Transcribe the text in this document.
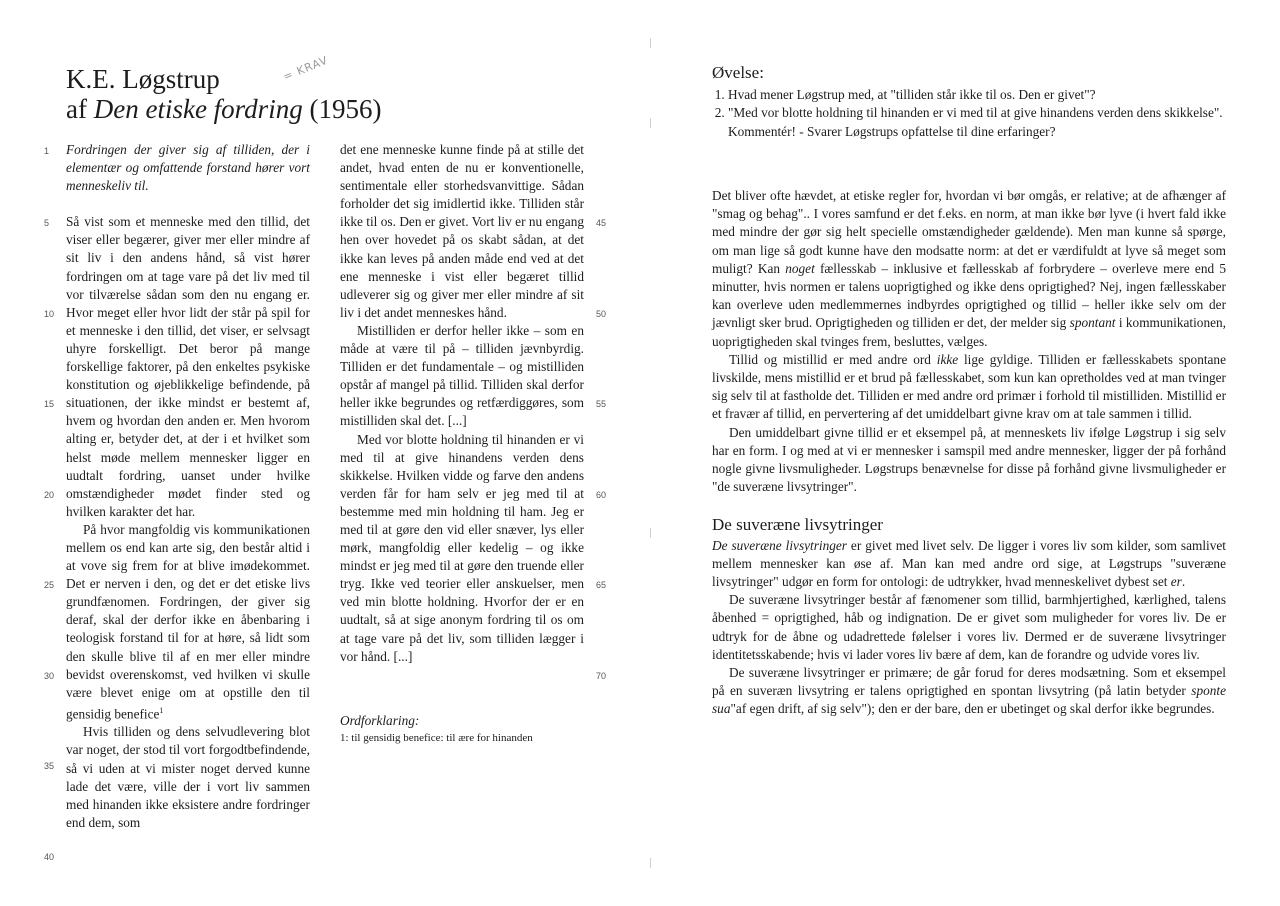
K.E. Løgstrup
af Den etiske fordring (1956)
= KRAV

Fordringen der giver sig af tilliden, der i elementær og omfattende forstand hører vort menneskeliv til.

Så vist som et menneske med den tillid, det viser eller begærer, giver mer eller mindre af sit liv i den andens hånd, så vist hører fordringen om at tage vare på det liv med til vor tilværelse sådan som den nu engang er. Hvor meget eller hvor lidt der står på spil for et menneske i den tillid, det viser, er selvsagt uhyre forskelligt. Det beror på mange forskellige faktorer, på den enkeltes psykiske konstitution og øjeblikkelige befindende, på situationen, der ikke mindst er bestemt af, hvem og hvordan den anden er. Men hvorom alting er, betyder det, at der i et hvilket som helst møde mellem mennesker ligger en uudtalt fordring, uanset under hvilke omstændigheder mødet finder sted og hvilken karakter det har.

På hvor mangfoldig vis kommunikationen mellem os end kan arte sig, den består altid i at vove sig frem for at blive imødekommet. Det er nerven i den, og det er det etiske livs grundfænomen. Fordringen, der giver sig deraf, skal der derfor ikke en åbenbaring i teologisk forstand til for at høre, så lidt som den skulle blive til af en mer eller mindre bevidst overenskomst, ved hvilken vi skulle være blevet enige om at opstille den til gensidig benefice$^1$

Hvis tilliden og dens selvudlevering blot var noget, der stod til vort forgodtbefindende, så vi uden at vi mister noget derved kunne lade det være, ville der i vort liv sammen med hinanden ikke eksistere andre fordringer end dem, som

det ene menneske kunne finde på at stille det andet, hvad enten de nu er konventionelle, sentimentale eller storhedsvanvittige. Sådan forholder det sig imidlertid ikke. Tilliden står ikke til os. Den er givet. Vort liv er nu engang hen over hovedet på os skabt sådan, at det ikke kan leves på anden måde end ved at det ene menneske i vist eller begæret tillid udleverer sig og giver mer eller mindre af sit liv i det andet menneskes hånd.

Mistilliden er derfor heller ikke – som en måde at være til på – tilliden jævnbyrdig. Tilliden er det fundamentale – og mistilliden opstår af mangel på tillid. Tilliden skal derfor heller ikke begrundes og retfærdiggøres, som mistilliden skal det. [...]

Med vor blotte holdning til hinanden er vi med til at give hinandens verden dens skikkelse. Hvilken vidde og farve den andens verden får for ham selv er jeg med til at bestemme med min holdning til ham. Jeg er med til at gøre den vid eller snæver, lys eller mørk, mangfoldig eller kedelig – og ikke mindst er jeg med til at gøre den truende eller tryg. Ikke ved teorier eller anskuelser, men ved min blotte holdning. Hvorfor der er en uudtalt, så at sige anonym fordring til os om at tage vare på det liv, som tilliden lægger i vor hånd. [...]

Ordforklaring:

1: til gensidig benefice: til ære for hinanden

1
5
10
15
20
25
30
35
40
45
50
55
60
65
70
Øvelse:
1. Hvad mener Løgstrup med, at "tilliden står ikke til os. Den er givet"?
2. "Med vor blotte holdning til hinanden er vi med til at give hinandens verden dens skikkelse". Kommentér! - Svarer Løgstrups opfattelse til dine erfaringer?

Det bliver ofte hævdet, at etiske regler for, hvordan vi bør omgås, er relative; at de afhænger af "smag og behag".. I vores samfund er det f.eks. en norm, at man ikke bør lyve (i hvert fald ikke med mindre der gør sig helt specielle omstændigheder gældende). Men man kunne så spørge, om man lige så godt kunne have den modsatte norm: at det er værdifuldt at lyve så meget som muligt? Kan noget fællesskab – inklusive et fællesskab af forbrydere – overleve mere end 5 minutter, hvis normen er talens uoprigtighed og ikke dens oprigtighed? Nej, ingen fællesskaber kan overleve uden medlemmernes indbyrdes oprigtighed og tillid – heller ikke selv om der jævnligt sker brud. Oprigtigheden og tilliden er det, der melder sig spontant i kommunikationen, uoprigtigheden skal tvinges frem, besluttes, vælges.

Tillid og mistillid er med andre ord ikke lige gyldige. Tilliden er fællesskabets spontane livskilde, mens mistillid er et brud på fællesskabet, som kun kan opretholdes ved at man tvinger sig selv til at fastholde det. Tilliden er med andre ord primær i forhold til mistilliden. Mistillid er et fravær af tillid, en pervertering af det umiddelbart givne krav om at tale sammen i tillid.

Den umiddelbart givne tillid er et eksempel på, at menneskets liv ifølge Løgstrup i sig selv har en form. I og med at vi er mennesker i samspil med andre mennesker, ligger der på forhånd nogle givne livsmuligheder. Løgstrups benævnelse for disse på forhånd givne livsmuligheder er "de suveræne livsytringer".

De suveræne livsytringer

De suveræne livsytringer er givet med livet selv. De ligger i vores liv som kilder, som samlivet mellem mennesker kan øse af. Man kan med andre ord sige, at Løgstrups "suveræne livsytringer" udgør en form for ontologi: de udtrykker, hvad menneskelivet dybest set er.

De suveræne livsytringer består af fænomener som tillid, barmhjertighed, kærlighed, talens åbenhed = oprigtighed, håb og indignation. De er givet som muligheder for vores liv. De er udtryk for de åbne og udadrettede følelser i vores liv. Dermed er de suveræne livsytringer identitetsskabende; hvis vi lader vores liv bære af dem, kan de forandre og udvide vores liv.

De suveræne livsytringer er primære; de går forud for deres modsætning. Som et eksempel på en suveræn livsytring er talens oprigtighed en spontan livsytring (på latin betyder sponte sua"af egen drift, af sig selv"); den er der bare, den er ubetinget og skal derfor ikke begrundes.
